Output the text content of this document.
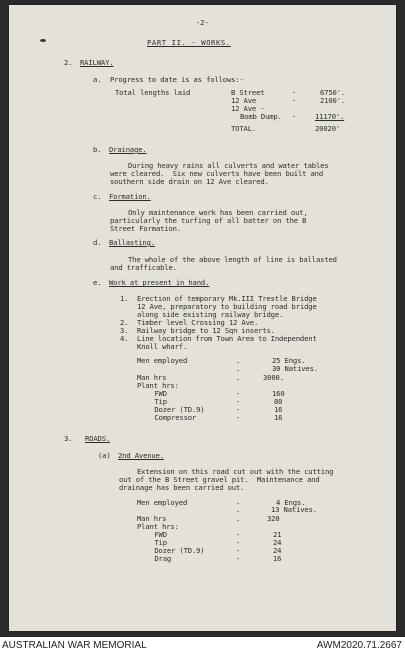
AUSTRALIAN WAR MEMORIAL	AWM2020.71.2667
-2-
PART II. - WORKS.
2. RAILWAY.
a. Progress to date is as follows:-
Total lengths laid	B Street	-	6750'.
12 Ave	-	2100'.
12 Ave -
Bomb Dump. -	11170'.
TOTAL.	20020'
b. Drainage.
During heavy rains all culverts and water tables
were cleared.  Six new culverts have been built and
southern side drain on 12 Ave cleared.
c. Formation.
Only maintenance work has been carried out,
particularly the turfing of all batter on the B
Street Formation.
d. Ballasting.
The whole of the above length of line is ballasted
and trafficable.
e. Work at present in hand.
1. Erection of temporary Mk.III Trestle Bridge
12 Ave, preparatory to building road bridge
along side existing railway bridge.
2. Timber level Crossing 12 Ave.
3. Railway bridge to 12 Sqn inserts.
4. Line location from Town Area to Independent
Knoll wharf.
Men employed	-	25 Engs.
-	30 Natives.
Man hrs	-	3000.
Plant hrs:
FWD	-	160
Tip	-	80
Dozer (TD.9)	-	16
Compressor	-	16
3. ROADS.
(a) 2nd Avenue.
Extension on this road cut out with the cutting
out of the B Street gravel pit.  Maintenance and
drainage has been carried out.
Men employed	-	4 Engs.
-	13 Natives.
Man hrs	-	320
Plant hrs:
FWD	-	21
Tip	-	24
Dozer (TD.9)	-	24
Drag	-	16
